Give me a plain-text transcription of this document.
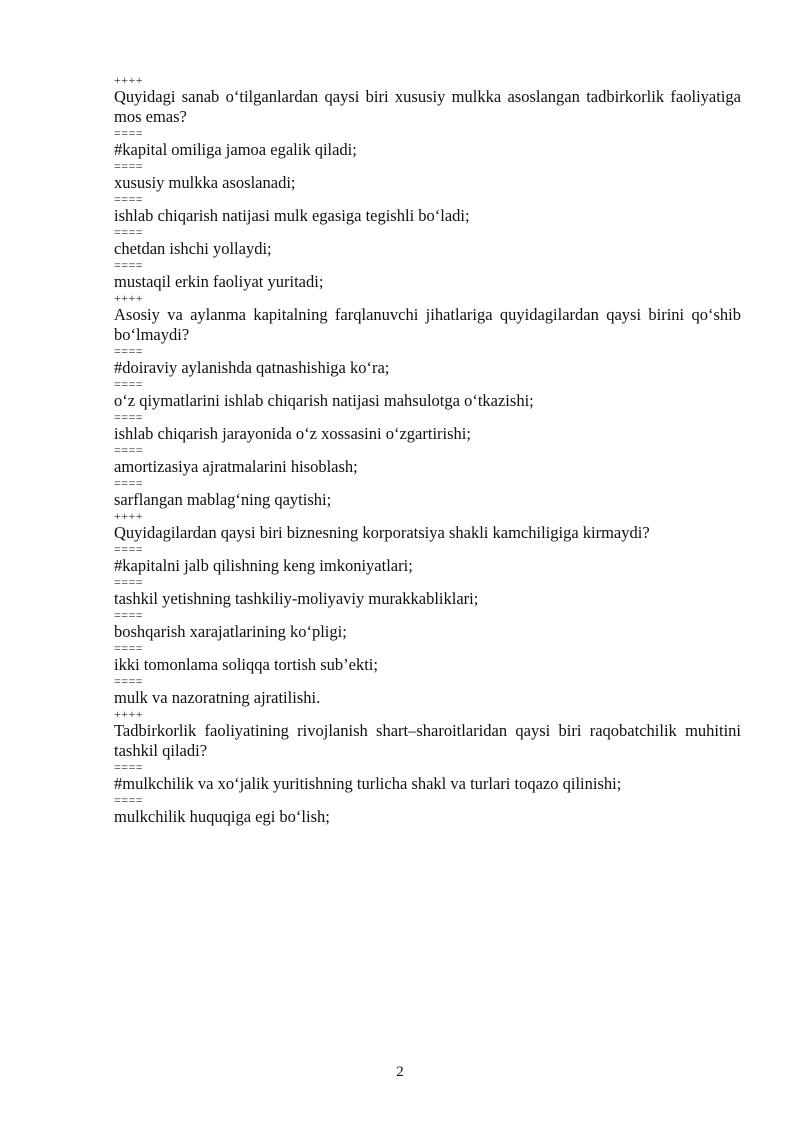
++++
Quyidagi sanab o‘tilganlardan qaysi biri xususiy mulkka asoslangan tadbirkorlik faoliyatiga mos emas?
====
#kapital omiliga jamoa egalik qiladi;
====
xususiy mulkka asoslanadi;
====
ishlab chiqarish natijasi mulk egasiga tegishli bo‘ladi;
====
chetdan ishchi yollaydi;
====
mustaqil erkin faoliyat yuritadi;
++++
Asosiy va aylanma kapitalning farqlanuvchi jihatlariga quyidagilardan qaysi birini qo‘shib bo‘lmaydi?
====
#doiraviy aylanishda qatnashishiga ko‘ra;
====
o‘z qiymatlarini ishlab chiqarish natijasi mahsulotga o‘tkazishi;
====
ishlab chiqarish jarayonida o‘z xossasini o‘zgartirishi;
====
amortizasiya ajratmalarini hisoblash;
====
sarflangan mablag‘ning qaytishi;
++++
Quyidagilardan qaysi biri biznesning korporatsiya shakli kamchiligiga kirmaydi?
====
#kapitalni jalb qilishning keng imkoniyatlari;
====
tashkil yetishning tashkiliy-moliyaviy murakkabliklari;
====
boshqarish xarajatlarining ko‘pligi;
====
ikki tomonlama soliqqa tortish sub’ekti;
====
mulk va nazoratning ajratilishi.
++++
Tadbirkorlik faoliyatining rivojlanish shart–sharoitlaridan qaysi biri raqobatchilik muhitini tashkil qiladi?
====
#mulkchilik va xo‘jalik yuritishning turlicha shakl va turlari toqazo qilinishi;
====
mulkchilik huquqiga egi bo‘lish;
2
